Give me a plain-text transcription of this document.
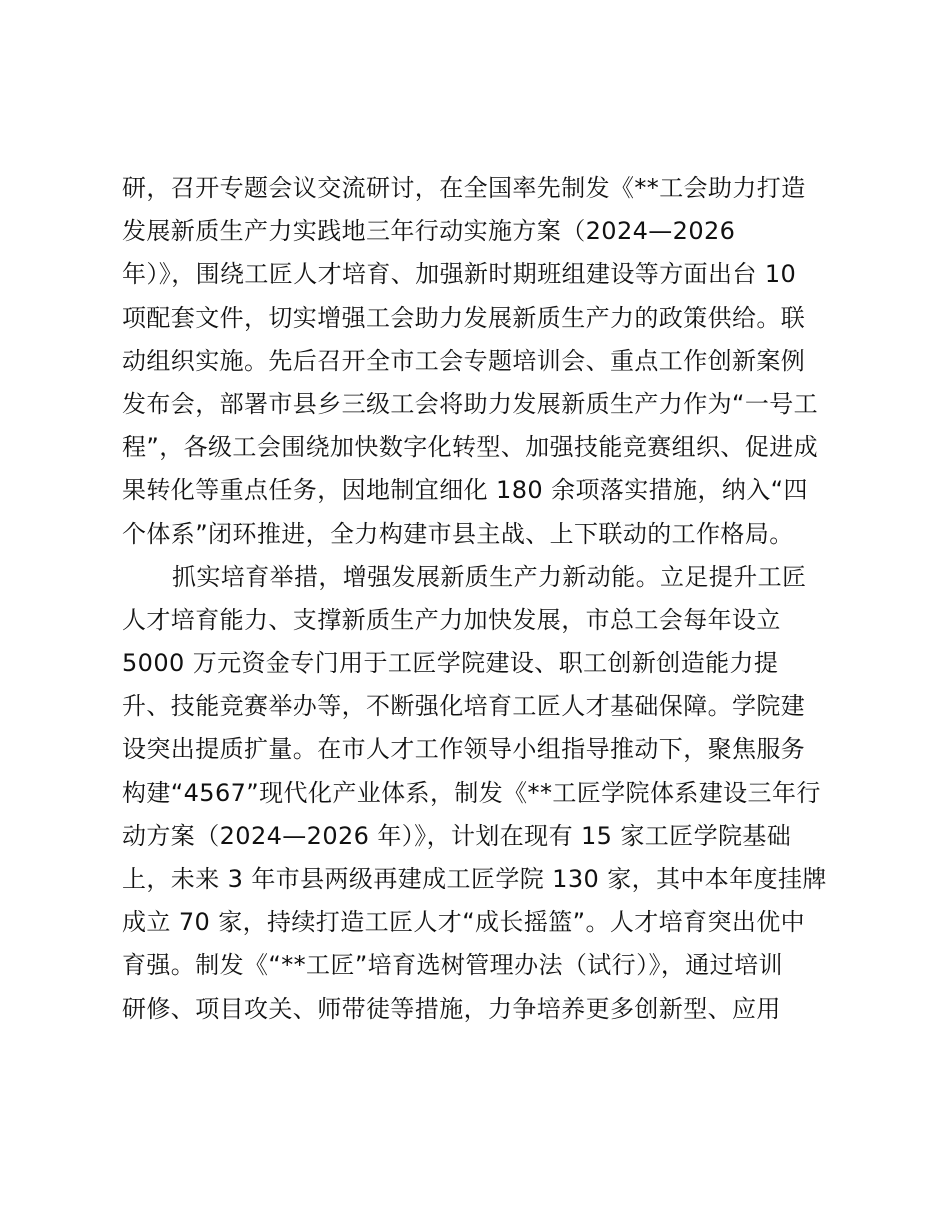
研，召开专题会议交流研讨，在全国率先制发《**工会助力打造
发展新质生产力实践地三年行动实施方案（2024—2026
年）》，围绕工匠人才培育、加强新时期班组建设等方面出台 10
项配套文件，切实增强工会助力发展新质生产力的政策供给。联
动组织实施。先后召开全市工会专题培训会、重点工作创新案例
发布会，部署市县乡三级工会将助力发展新质生产力作为“一号工
程”，各级工会围绕加快数字化转型、加强技能竞赛组织、促进成
果转化等重点任务，因地制宜细化 180 余项落实措施，纳入“四
个体系”闭环推进，全力构建市县主战、上下联动的工作格局。
抓实培育举措，增强发展新质生产力新动能。立足提升工匠
人才培育能力、支撑新质生产力加快发展，市总工会每年设立
5000 万元资金专门用于工匠学院建设、职工创新创造能力提
升、技能竞赛举办等，不断强化培育工匠人才基础保障。学院建
设突出提质扩量。在市人才工作领导小组指导推动下，聚焦服务
构建“4567”现代化产业体系，制发《**工匠学院体系建设三年行
动方案（2024—2026 年）》，计划在现有 15 家工匠学院基础
上，未来 3 年市县两级再建成工匠学院 130 家，其中本年度挂牌
成立 70 家，持续打造工匠人才“成长摇篮”。人才培育突出优中
育强。制发《“**工匠”培育选树管理办法（试行）》，通过培训
研修、项目攻关、师带徒等措施，力争培养更多创新型、应用
